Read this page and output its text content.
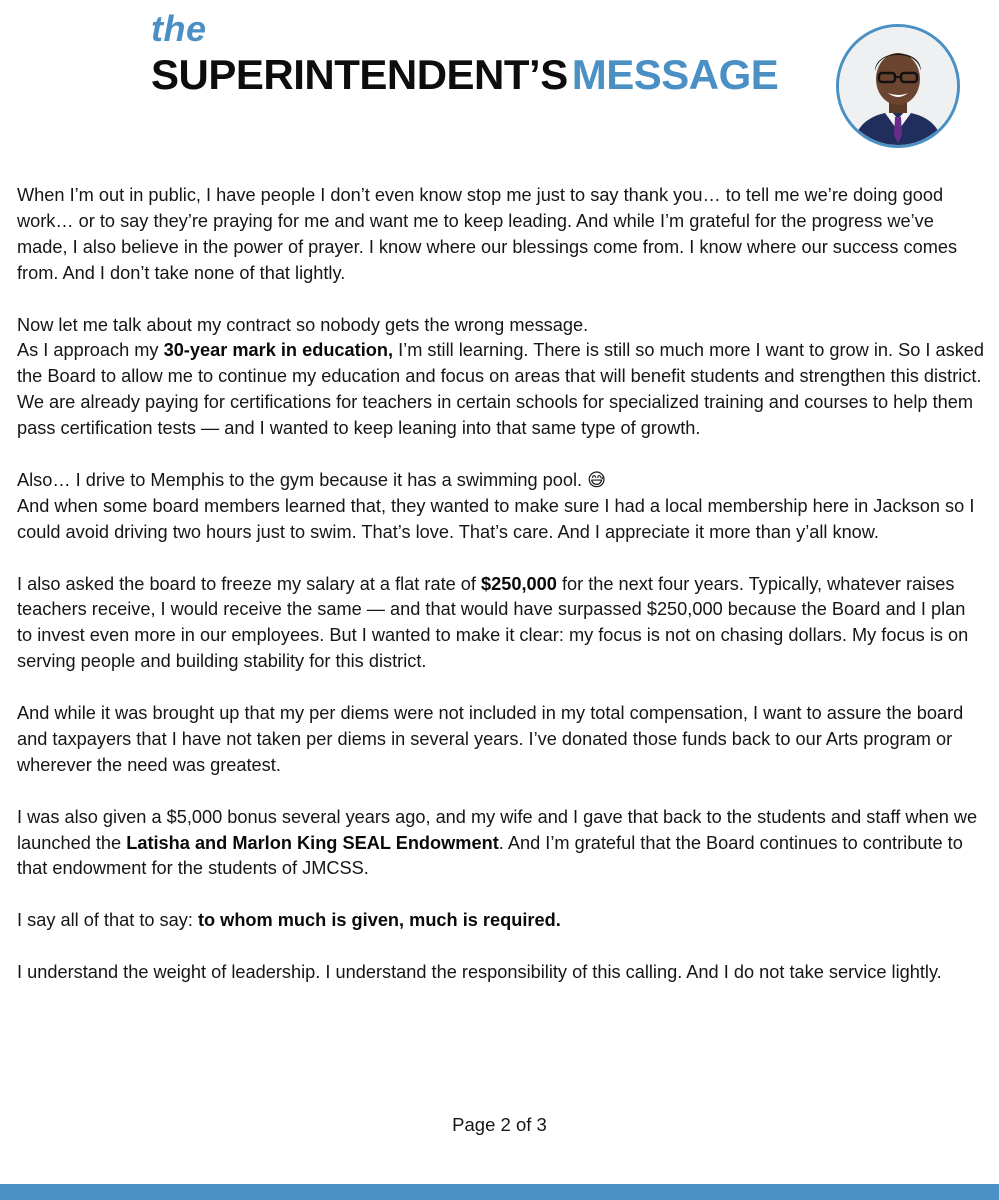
the
SUPERINTENDENT’SMESSAGE

When I’m out in public, I have people I don’t even know stop me just to say thank you… to tell me we’re doing good work… or to say they’re praying for me and want me to keep leading. And while I’m grateful for the progress we’ve made, I also believe in the power of prayer. I know where our blessings come from. I know where our success comes from. And I don’t take none of that lightly.

Now let me talk about my contract so nobody gets the wrong message.
As I approach my 30-year mark in education, I’m still learning. There is still so much more I want to grow in. So I asked the Board to allow me to continue my education and focus on areas that will benefit students and strengthen this district. We are already paying for certifications for teachers in certain schools for specialized training and courses to help them pass certification tests — and I wanted to keep leaning into that same type of growth.

Also… I drive to Memphis to the gym because it has a swimming pool. 😅
And when some board members learned that, they wanted to make sure I had a local membership here in Jackson so I could avoid driving two hours just to swim. That’s love. That’s care. And I appreciate it more than y’all know.

I also asked the board to freeze my salary at a flat rate of $250,000 for the next four years. Typically, whatever raises teachers receive, I would receive the same — and that would have surpassed $250,000 because the Board and I plan to invest even more in our employees. But I wanted to make it clear: my focus is not on chasing dollars. My focus is on serving people and building stability for this district.

And while it was brought up that my per diems were not included in my total compensation, I want to assure the board and taxpayers that I have not taken per diems in several years. I’ve donated those funds back to our Arts program or wherever the need was greatest.

I was also given a $5,000 bonus several years ago, and my wife and I gave that back to the students and staff when we launched the Latisha and Marlon King SEAL Endowment. And I’m grateful that the Board continues to contribute to that endowment for the students of JMCSS.

I say all of that to say: to whom much is given, much is required.

I understand the weight of leadership. I understand the responsibility of this calling. And I do not take service lightly.

Page 2 of 3
